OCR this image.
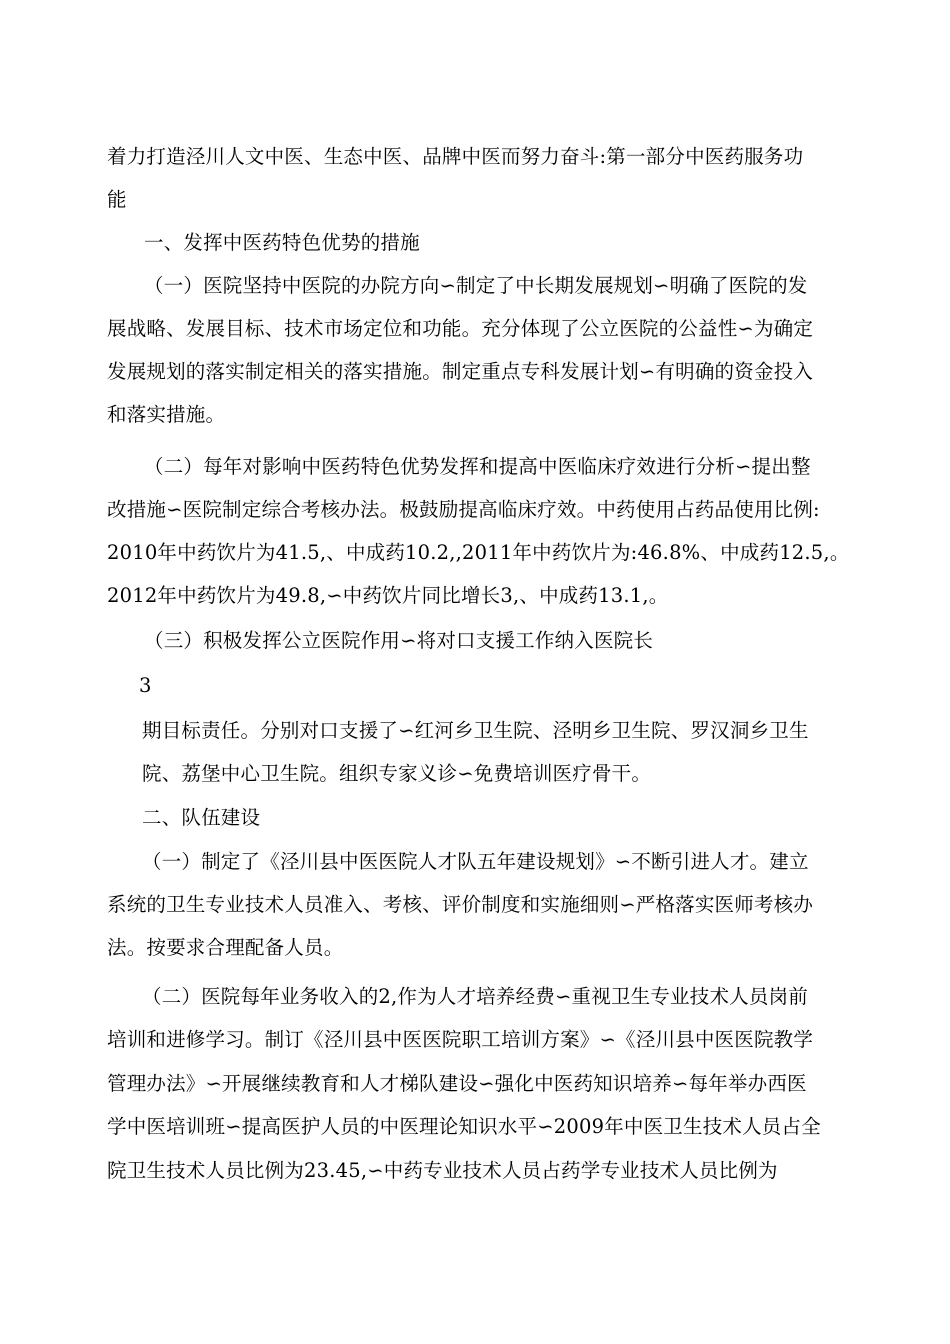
着力打造泾川人文中医、生态中医、品牌中医而努力奋斗:第一部分中医药服务功
能
一、发挥中医药特色优势的措施
（一）医院坚持中医院的办院方向∽制定了中长期发展规划∽明确了医院的发
展战略、发展目标、技术市场定位和功能。充分体现了公立医院的公益性∽为确定
发展规划的落实制定相关的落实措施。制定重点专科发展计划∽有明确的资金投入
和落实措施。
（二）每年对影响中医药特色优势发挥和提高中医临床疗效进行分析∽提出整
改措施∽医院制定综合考核办法。极鼓励提高临床疗效。中药使用占药品使用比例:
2010年中药饮片为41.5,、中成药10.2,,2011年中药饮片为:46.8%、中成药12.5,。
2012年中药饮片为49.8,∽中药饮片同比增长3,、中成药13.1,。
（三）积极发挥公立医院作用∽将对口支援工作纳入医院长
3
期目标责任。分别对口支援了∽红河乡卫生院、泾明乡卫生院、罗汉洞乡卫生
院、荔堡中心卫生院。组织专家义诊∽免费培训医疗骨干。
二、队伍建设
（一）制定了《泾川县中医医院人才队五年建设规划》∽不断引进人才。建立
系统的卫生专业技术人员准入、考核、评价制度和实施细则∽严格落实医师考核办
法。按要求合理配备人员。
（二）医院每年业务收入的2,作为人才培养经费∽重视卫生专业技术人员岗前
培训和进修学习。制订《泾川县中医医院职工培训方案》∽《泾川县中医医院教学
管理办法》∽开展继续教育和人才梯队建设∽强化中医药知识培养∽每年举办西医
学中医培训班∽提高医护人员的中医理论知识水平∽2009年中医卫生技术人员占全
院卫生技术人员比例为23.45,∽中药专业技术人员占药学专业技术人员比例为
